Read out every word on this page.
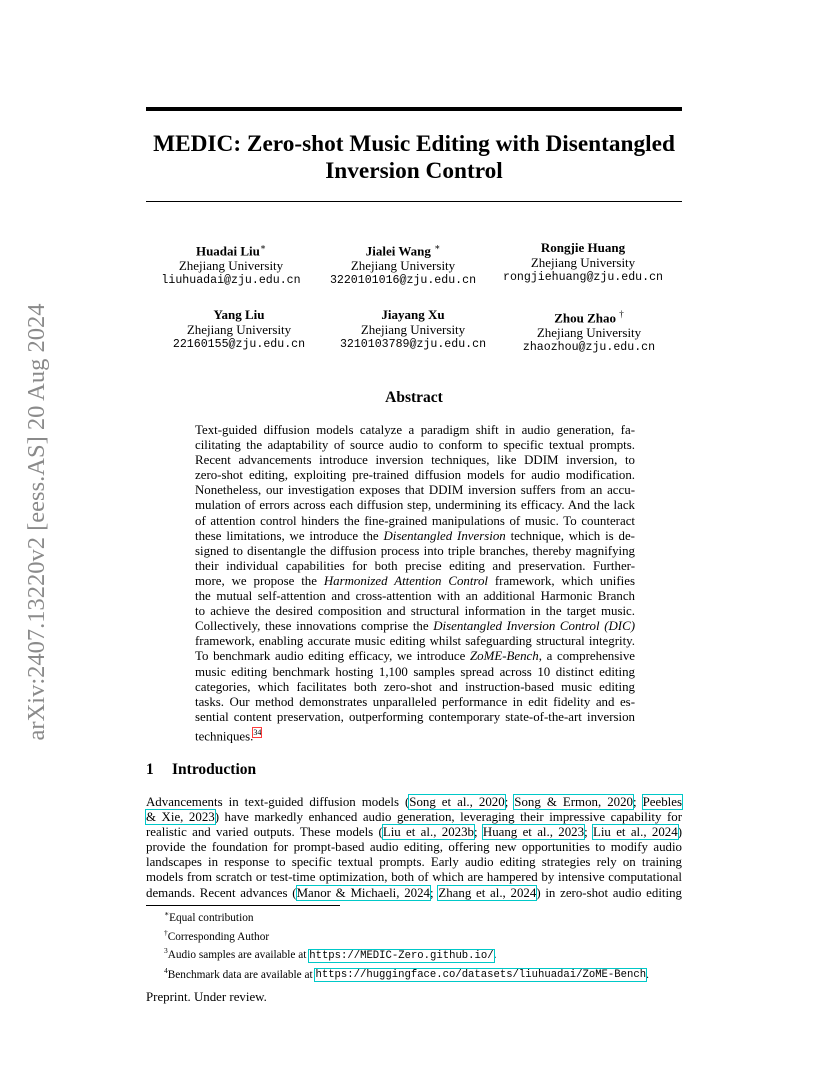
arXiv:2407.13220v2 [eess.AS] 20 Aug 2024
MEDIC: Zero-shot Music Editing with Disentangled
Inversion Control
Huadai Liu∗
Zhejiang University
liuhuadai@zju.edu.cn
Jialei Wang ∗
Zhejiang University
3220101016@zju.edu.cn
Rongjie Huang
Zhejiang University
rongjiehuang@zju.edu.cn
Yang Liu
Zhejiang University
22160155@zju.edu.cn
Jiayang Xu
Zhejiang University
3210103789@zju.edu.cn
Zhou Zhao †
Zhejiang University
zhaozhou@zju.edu.cn
Abstract
Text-guided diffusion models catalyze a paradigm shift in audio generation, fa-
cilitating the adaptability of source audio to conform to specific textual prompts.
Recent advancements introduce inversion techniques, like DDIM inversion, to
zero-shot editing, exploiting pre-trained diffusion models for audio modification.
Nonetheless, our investigation exposes that DDIM inversion suffers from an accu-
mulation of errors across each diffusion step, undermining its efficacy. And the lack
of attention control hinders the fine-grained manipulations of music. To counteract
these limitations, we introduce the Disentangled Inversion technique, which is de-
signed to disentangle the diffusion process into triple branches, thereby magnifying
their individual capabilities for both precise editing and preservation. Further-
more, we propose the Harmonized Attention Control framework, which unifies
the mutual self-attention and cross-attention with an additional Harmonic Branch
to achieve the desired composition and structural information in the target music.
Collectively, these innovations comprise the Disentangled Inversion Control (DIC)
framework, enabling accurate music editing whilst safeguarding structural integrity.
To benchmark audio editing efficacy, we introduce ZoME-Bench, a comprehensive
music editing benchmark hosting 1,100 samples spread across 10 distinct editing
categories, which facilitates both zero-shot and instruction-based music editing
tasks. Our method demonstrates unparalleled performance in edit fidelity and es-
sential content preservation, outperforming contemporary state-of-the-art inversion
techniques.$^{34}$
1 Introduction
Advancements in text-guided diffusion models (Song et al., 2020; Song & Ermon, 2020; Peebles
& Xie, 2023) have markedly enhanced audio generation, leveraging their impressive capability for
realistic and varied outputs. These models (Liu et al., 2023b; Huang et al., 2023; Liu et al., 2024)
provide the foundation for prompt-based audio editing, offering new opportunities to modify audio
landscapes in response to specific textual prompts. Early audio editing strategies rely on training
models from scratch or test-time optimization, both of which are hampered by intensive computational
demands. Recent advances (Manor & Michaeli, 2024; Zhang et al., 2024) in zero-shot audio editing
∗Equal contribution
†Corresponding Author
$^3$Audio samples are available at https://MEDIC-Zero.github.io/.
$^4$Benchmark data are available at https://huggingface.co/datasets/liuhuadai/ZoME-Bench.
Preprint. Under review.
